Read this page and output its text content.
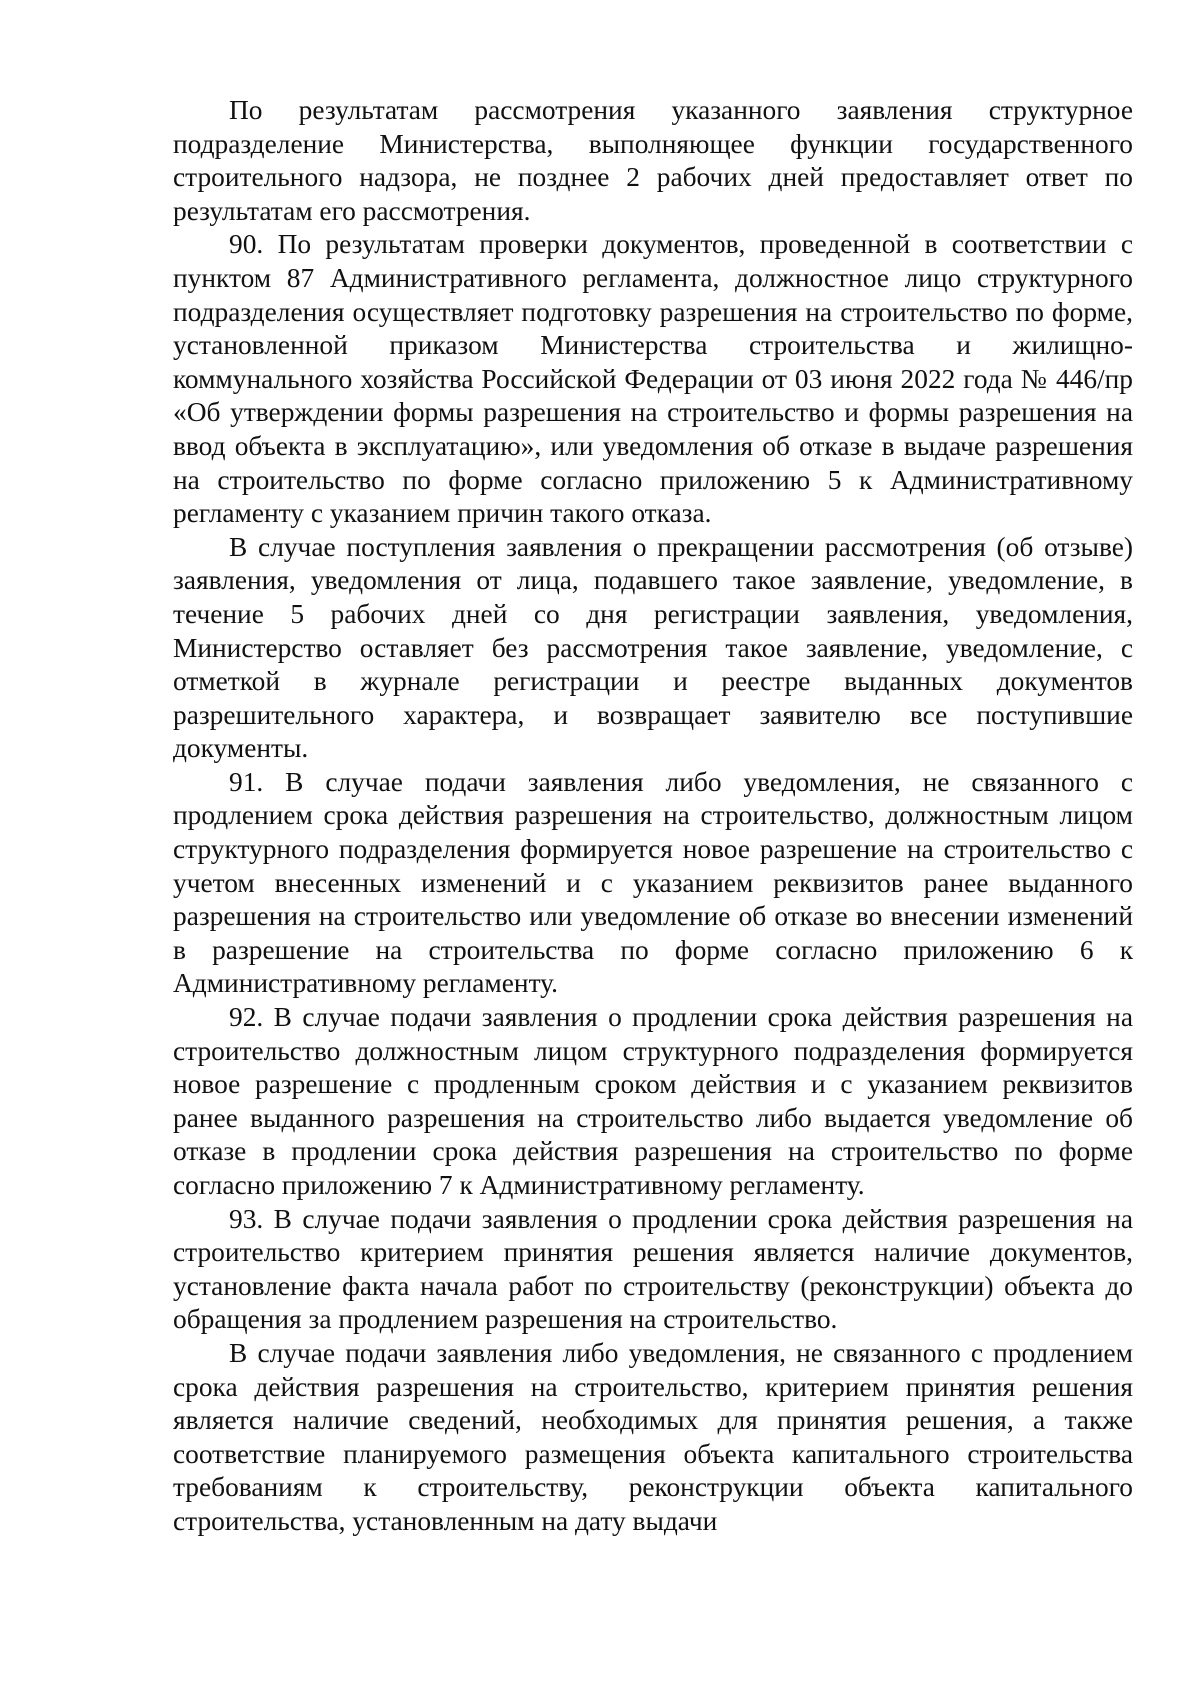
По результатам рассмотрения указанного заявления структурное подразделение Министерства, выполняющее функции государственного строительного надзора, не позднее 2 рабочих дней предоставляет ответ по результатам его рассмотрения.

90. По результатам проверки документов, проведенной в соответствии с пунктом 87 Административного регламента, должностное лицо структурного подразделения осуществляет подготовку разрешения на строительство по форме, установленной приказом Министерства строительства и жилищно-коммунального хозяйства Российской Федерации от 03 июня 2022 года № 446/пр «Об утверждении формы разрешения на строительство и формы разрешения на ввод объекта в эксплуатацию», или уведомления об отказе в выдаче разрешения на строительство по форме согласно приложению 5 к Административному регламенту с указанием причин такого отказа.

В случае поступления заявления о прекращении рассмотрения (об отзыве) заявления, уведомления от лица, подавшего такое заявление, уведомление, в течение 5 рабочих дней со дня регистрации заявления, уведомления, Министерство оставляет без рассмотрения такое заявление, уведомление, с отметкой в журнале регистрации и реестре выданных документов разрешительного характера, и возвращает заявителю все поступившие документы.

91. В случае подачи заявления либо уведомления, не связанного с продлением срока действия разрешения на строительство, должностным лицом структурного подразделения формируется новое разрешение на строительство с учетом внесенных изменений и с указанием реквизитов ранее выданного разрешения на строительство или уведомление об отказе во внесении изменений в разрешение на строительства по форме согласно приложению 6 к Административному регламенту.

92. В случае подачи заявления о продлении срока действия разрешения на строительство должностным лицом структурного подразделения формируется новое разрешение с продленным сроком действия и с указанием реквизитов ранее выданного разрешения на строительство либо выдается уведомление об отказе в продлении срока действия разрешения на строительство по форме согласно приложению 7 к Административному регламенту.

93. В случае подачи заявления о продлении срока действия разрешения на строительство критерием принятия решения является наличие документов, установление факта начала работ по строительству (реконструкции) объекта до обращения за продлением разрешения на строительство.

В случае подачи заявления либо уведомления, не связанного с продлением срока действия разрешения на строительство, критерием принятия решения является наличие сведений, необходимых для принятия решения, а также соответствие планируемого размещения объекта капитального строительства требованиям к строительству, реконструкции объекта капитального строительства, установленным на дату выдачи
